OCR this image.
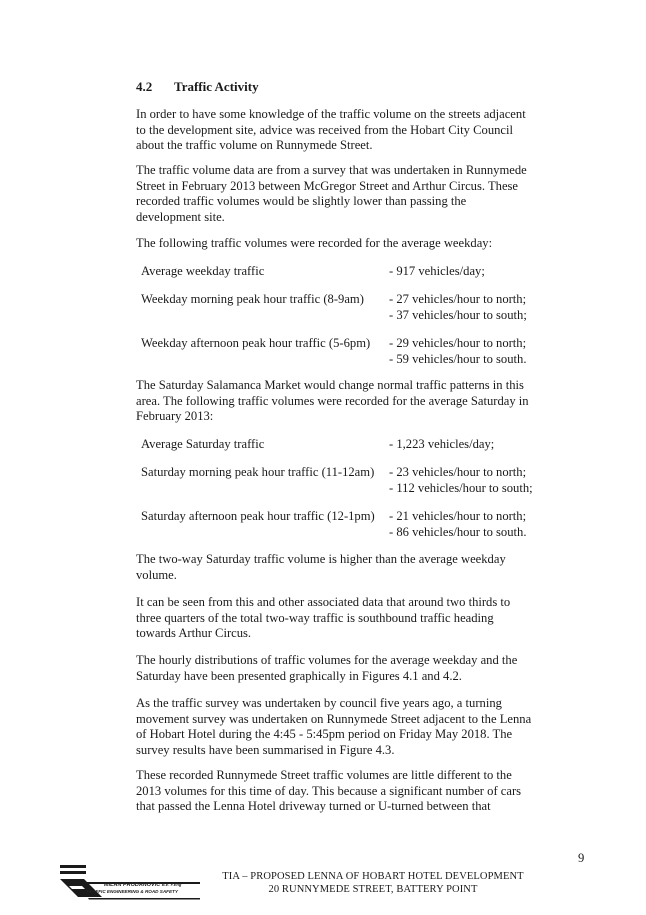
4.2 Traffic Activity
In order to have some knowledge of the traffic volume on the streets adjacent
to the development site, advice was received from the Hobart City Council
about the traffic volume on Runnymede Street.
The traffic volume data are from a survey that was undertaken in Runnymede
Street in February 2013 between McGregor Street and Arthur Circus. These
recorded traffic volumes would be slightly lower than passing the
development site.
The following traffic volumes were recorded for the average weekday:
Average weekday traffic	- 917 vehicles/day;
Weekday morning peak hour traffic (8-9am) - 27 vehicles/hour to north;
- 37 vehicles/hour to south;
Weekday afternoon peak hour traffic (5-6pm) - 29 vehicles/hour to north;
- 59 vehicles/hour to south.
The Saturday Salamanca Market would change normal traffic patterns in this
area. The following traffic volumes were recorded for the average Saturday in
February 2013:
Average Saturday traffic	- 1,223 vehicles/day;
Saturday morning peak hour traffic (11-12am) - 23 vehicles/hour to north;
- 112 vehicles/hour to south;
Saturday afternoon peak hour traffic (12-1pm) - 21 vehicles/hour to north;
- 86 vehicles/hour to south.
The two-way Saturday traffic volume is higher than the average weekday
volume.
It can be seen from this and other associated data that around two thirds to
three quarters of the total two-way traffic is southbound traffic heading
towards Arthur Circus.
The hourly distributions of traffic volumes for the average weekday and the
Saturday have been presented graphically in Figures 4.1 and 4.2.
As the traffic survey was undertaken by council five years ago, a turning
movement survey was undertaken on Runnymede Street adjacent to the Lenna
of Hobart Hotel during the 4:45 - 5:45pm period on Friday May 2018. The
survey results have been summarised in Figure 4.3.
These recorded Runnymede Street traffic volumes are little different to the
2013 volumes for this time of day. This because a significant number of cars
that passed the Lenna Hotel driveway turned or U-turned between that
9
MILAN PRODANOVIC B.E. F.Eng
TRAFFIC ENGINEERING & ROAD SAFETY
TIA – PROPOSED LENNA OF HOBART HOTEL DEVELOPMENT
20 RUNNYMEDE STREET, BATTERY POINT
